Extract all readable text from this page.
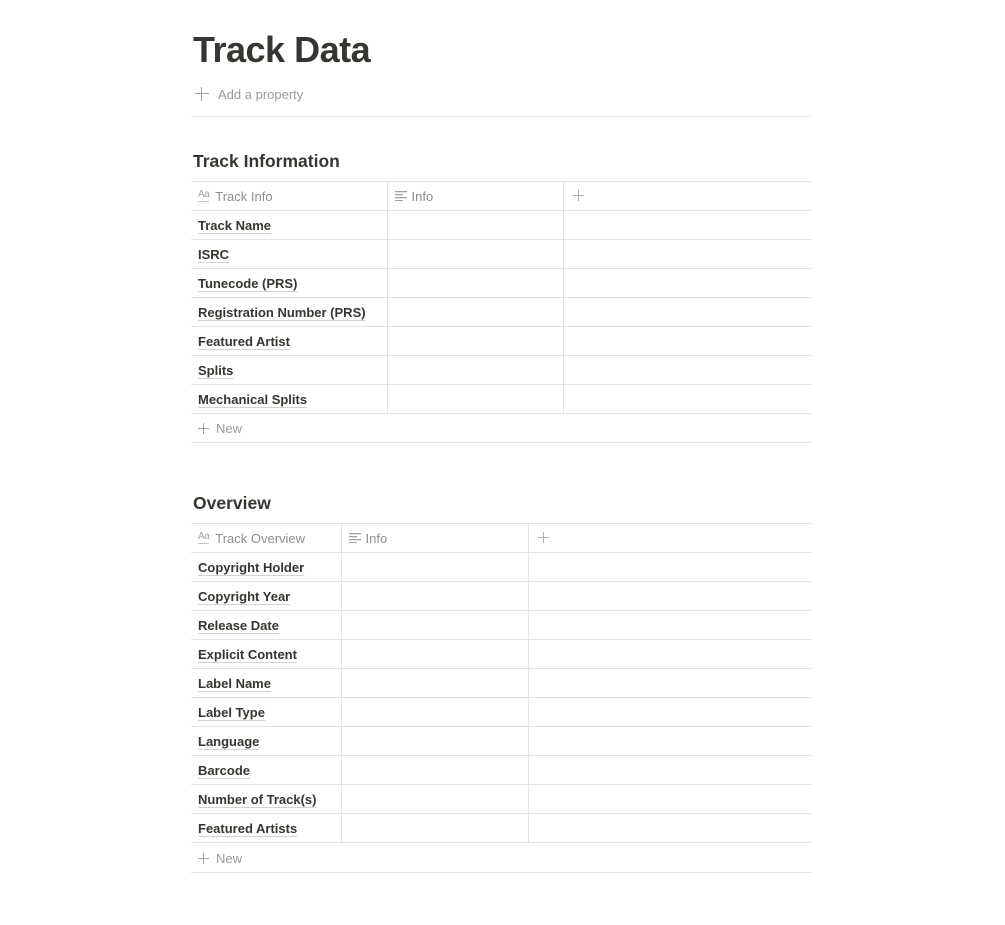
Track Data
Add a property
Track Information
Aa Track Info	Info	

Track Name		
ISRC		
Tunecode (PRS)		
Registration Number (PRS)		
Featured Artist		
Splits		
Mechanical Splits		
New
Overview
Aa Track Overview	Info	

Copyright Holder		
Copyright Year		
Release Date		
Explicit Content		
Label Name		
Label Type		
Language		
Barcode		
Number of Track(s)		
Featured Artists		
New
